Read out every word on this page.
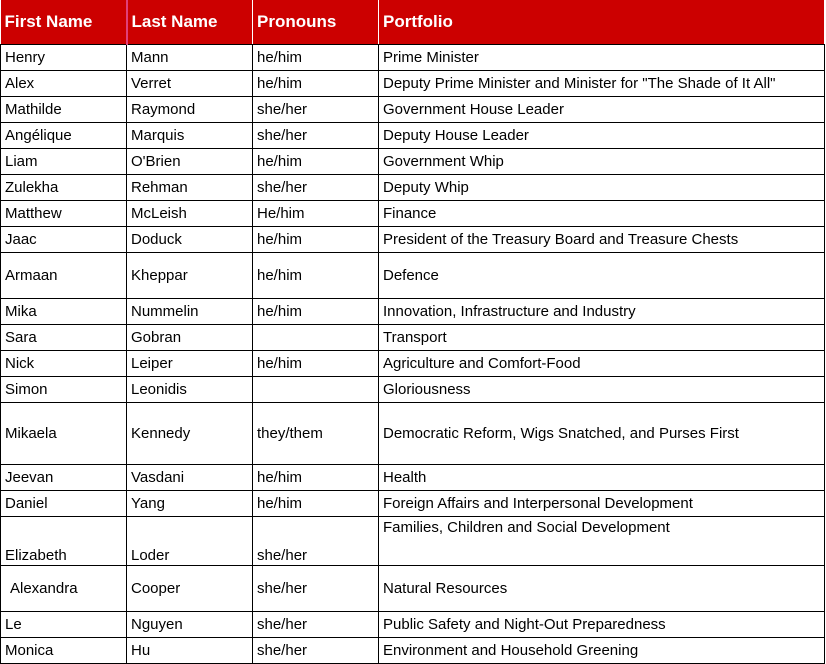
First Name	Last Name	Pronouns	Portfolio
Henry	Mann	he/him	Prime Minister
Alex	Verret	he/him	Deputy Prime Minister and Minister for "The Shade of It All"
Mathilde	Raymond	she/her	Government House Leader
Angélique	Marquis	she/her	Deputy House Leader
Liam	O'Brien	he/him	Government Whip
Zulekha	Rehman	she/her	Deputy Whip
Matthew	McLeish	He/him	Finance
Jaac	Doduck	he/him	President of the Treasury Board and Treasure Chests
Armaan	Kheppar	he/him	Defence
Mika	Nummelin	he/him	Innovation, Infrastructure and Industry
Sara	Gobran		Transport
Nick	Leiper	he/him	Agriculture and Comfort-Food
Simon	Leonidis		Gloriousness
Mikaela	Kennedy	they/them	Democratic Reform, Wigs Snatched, and Purses First
Jeevan	Vasdani	he/him	Health
Daniel	Yang	he/him	Foreign Affairs and Interpersonal Development
Elizabeth	Loder	she/her	Families, Children and Social Development
Alexandra	Cooper	she/her	Natural Resources
Le	Nguyen	she/her	Public Safety and Night-Out Preparedness
Monica	Hu	she/her	Environment and Household Greening
